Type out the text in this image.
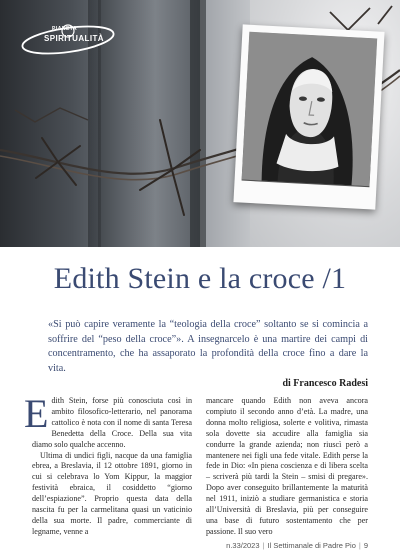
PIANETA
SPIRITUALITÀ
Edith Stein e la croce /1

«Si può capire veramente la “teologia della croce” soltanto se si comincia a soffrire del “peso della croce”». A insegnarcelo è una martire dei campi di concentramento, che ha assaporato la profondità della croce fino a dare la vita.

di Francesco Radesi

Edith Stein, forse più conosciuta così in ambito filosofico-letterario, nel panorama cattolico è nota con il nome di santa Teresa Benedetta della Croce. Della sua vita diamo solo qualche accenno.

Ultima di undici figli, nacque da una famiglia ebrea, a Breslavia, il 12 ottobre 1891, giorno in cui si celebrava lo Yom Kippur, la maggior festività ebraica, il cosiddetto “giorno dell’espiazione”. Proprio questa data della nascita fu per la carmelitana quasi un vaticinio della sua morte. Il padre, commerciante di legname, venne a

mancare quando Edith non aveva ancora compiuto il secondo anno d’età. La madre, una donna molto religiosa, solerte e volitiva, rimasta sola dovette sia accudire alla famiglia sia condurre la grande azienda; non riuscì però a mantenere nei figli una fede vitale. Edith perse la fede in Dio: «In piena coscienza e di libera scelta – scriverà più tardi la Stein – smisi di pregare». Dopo aver conseguito brillantemente la maturità nel 1911, iniziò a studiare germanistica e storia all’Università di Breslavia, più per conseguire una base di futuro sostentamento che per passione. Il suo vero

n.33/2023 | Il Settimanale di Padre Pio | 9
